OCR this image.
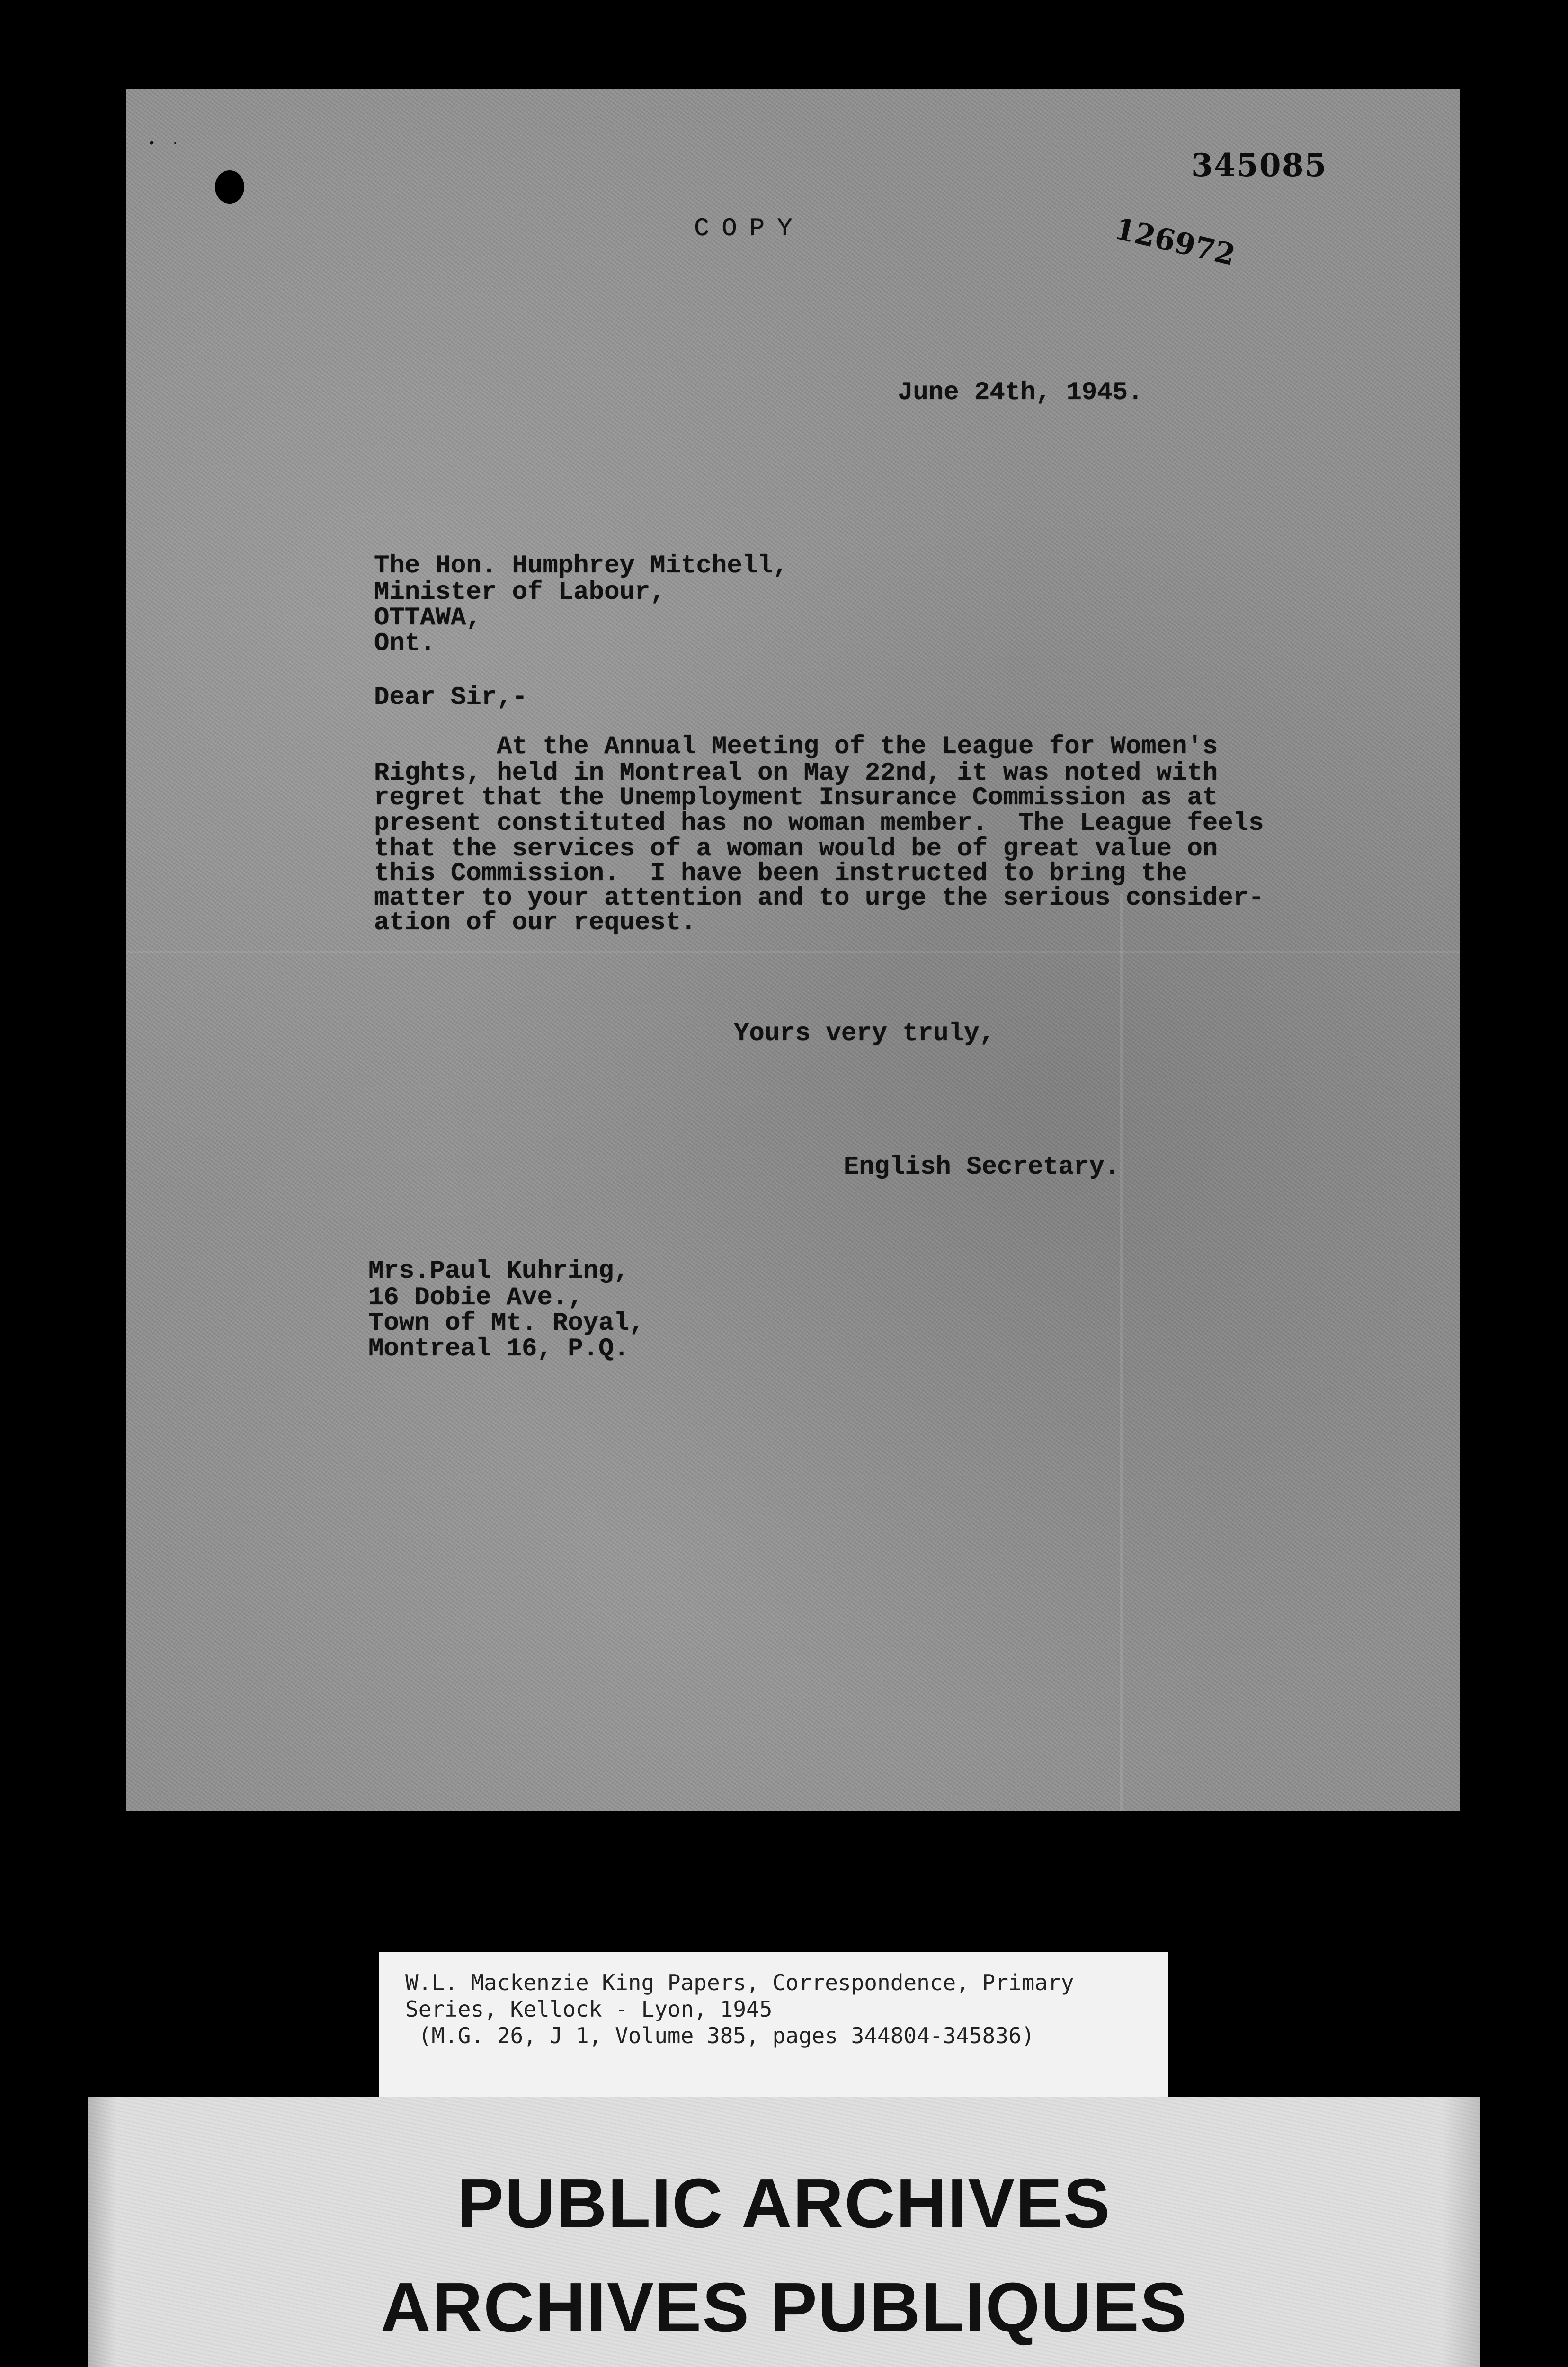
• ·
COPY
345085
126972
June 24th, 1945.
The Hon. Humphrey Mitchell,
Minister of Labour,
OTTAWA,
Ont.
Dear Sir,-
At the Annual Meeting of the League for Women's
Rights, held in Montreal on May 22nd, it was noted with
regret that the Unemployment Insurance Commission as at
present constituted has no woman member.  The League feels
that the services of a woman would be of great value on
this Commission.  I have been instructed to bring the
matter to your attention and to urge the serious consider-
ation of our request.
Yours very truly,
English Secretary.
Mrs.Paul Kuhring,
16 Dobie Ave.,
Town of Mt. Royal,
Montreal 16, P.Q.
W.L. Mackenzie King Papers, Correspondence, Primary
Series, Kellock - Lyon, 1945
(M.G. 26, J 1, Volume 385, pages 344804-345836)
PUBLIC ARCHIVES
ARCHIVES PUBLIQUES
